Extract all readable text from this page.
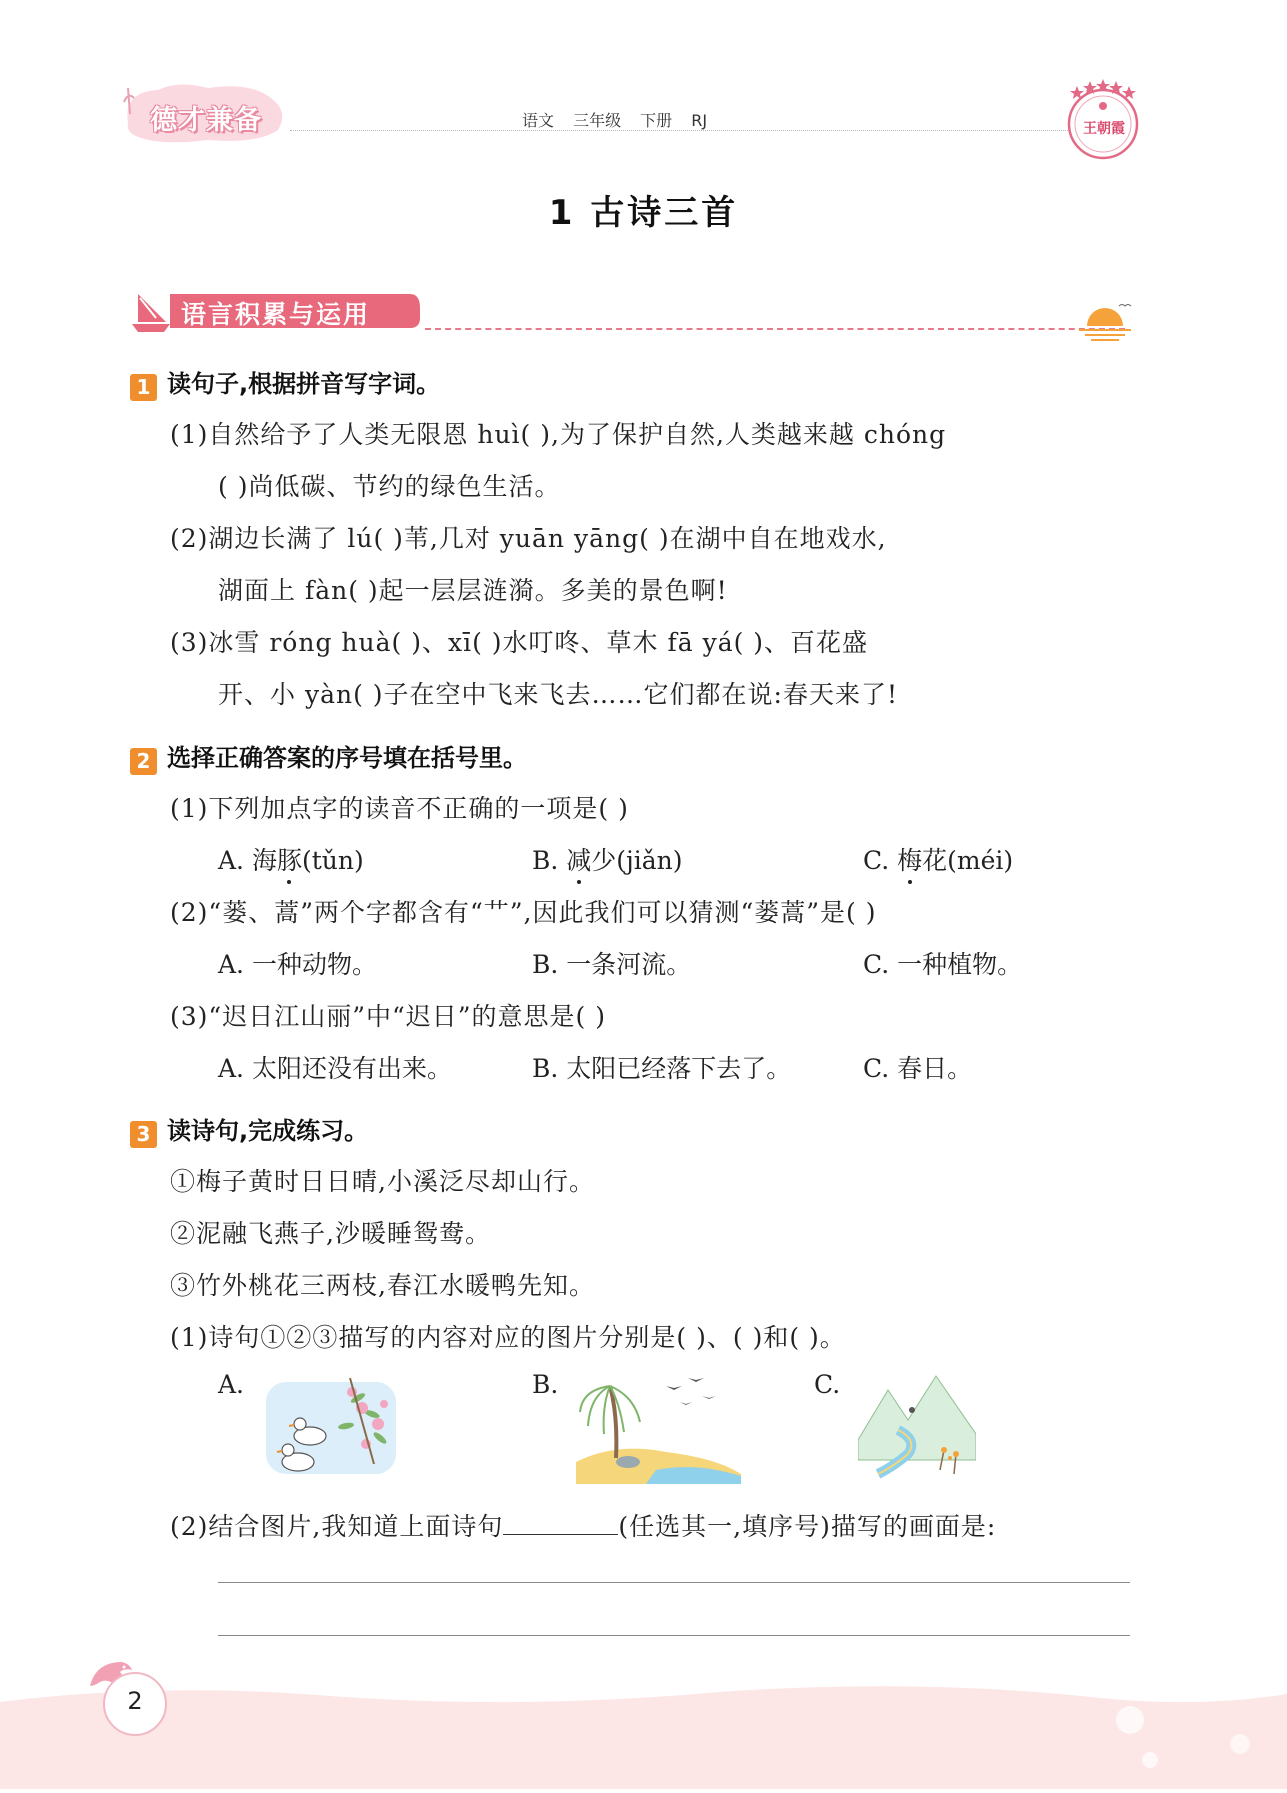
德才兼备	语文 三年级 下册 RJ	王朝霞
1 古诗三首
语言积累与运用
1 读句子,根据拼音写字词。
(1)自然给予了人类无限恩 huì( ),为了保护自然,人类越来越 chóng
( )尚低碳、节约的绿色生活。
(2)湖边长满了 lú( )苇,几对 yuān yāng( )在湖中自在地戏水,
湖面上 fàn( )起一层层涟漪。多美的景色啊!
(3)冰雪 róng huà( )、xī( )水叮咚、草木 fā yá( )、百花盛
开、小 yàn( )子在空中飞来飞去……它们都在说:春天来了!
2 选择正确答案的序号填在括号里。
(1)下列加点字的读音不正确的一项是( )
A. 海豚(tǔn)	B. 减少(jiǎn)	C. 梅花(méi)
(2)“蒌、蒿”两个字都含有“艹”,因此我们可以猜测“蒌蒿”是( )
A. 一种动物。	B. 一条河流。	C. 一种植物。
(3)“迟日江山丽”中“迟日”的意思是( )
A. 太阳还没有出来。	B. 太阳已经落下去了。	C. 春日。
3 读诗句,完成练习。
①梅子黄时日日晴,小溪泛尽却山行。
②泥融飞燕子,沙暖睡鸳鸯。
③竹外桃花三两枝,春江水暖鸭先知。
(1)诗句①②③描写的内容对应的图片分别是( )、( )和( )。
A.	B.	C.
(2)结合图片,我知道上面诗句	(任选其一,填序号)描写的画面是:
2
